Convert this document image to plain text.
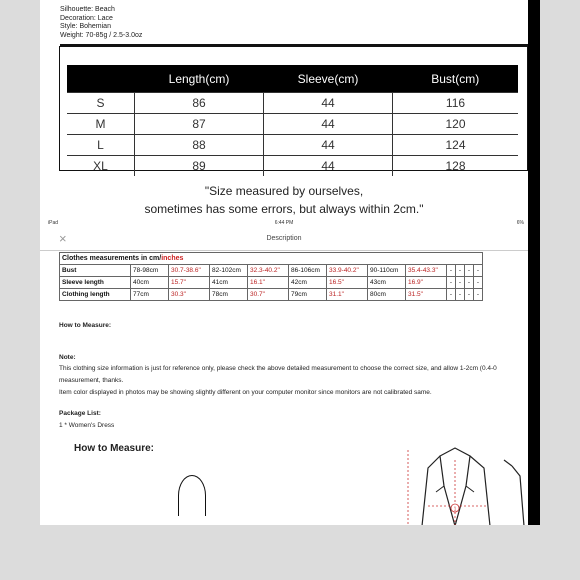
Silhouette: Beach
Decoration: Lace
Style: Bohemian
Weight: 70-85g / 2.5-3.0oz
	Length(cm)	Sleeve(cm)	Bust(cm)
S	86	44	116
M	87	44	120
L	88	44	124
XL	89	44	128
"Size measured by ourselves,
sometimes has some errors, but always within 2cm."
iPad	6:44 PM	6%
×	Description
Clothes measurements in cm/inches												
Bust	78-98cm	30.7-38.6"	82-102cm	32.3-40.2"	86-106cm	33.9-40.2"	90-110cm	35.4-43.3"	-	-	-	-
Sleeve length	40cm	15.7"	41cm	16.1"	42cm	16.5"	43cm	16.9"	-	-	-	-
Clothing length	77cm	30.3"	78cm	30.7"	79cm	31.1"	80cm	31.5"	-	-	-	-
How to Measure:
Note:
This clothing size information is just for reference only, please check the above detailed measurement to choose the correct size, and allow 1-2cm (0.4-0
measurement, thanks.
Item color displayed in photos may be showing slightly different on your computer monitor since monitors are not calibrated same.
Package List:
1 * Women's Dress
How to Measure:
1
